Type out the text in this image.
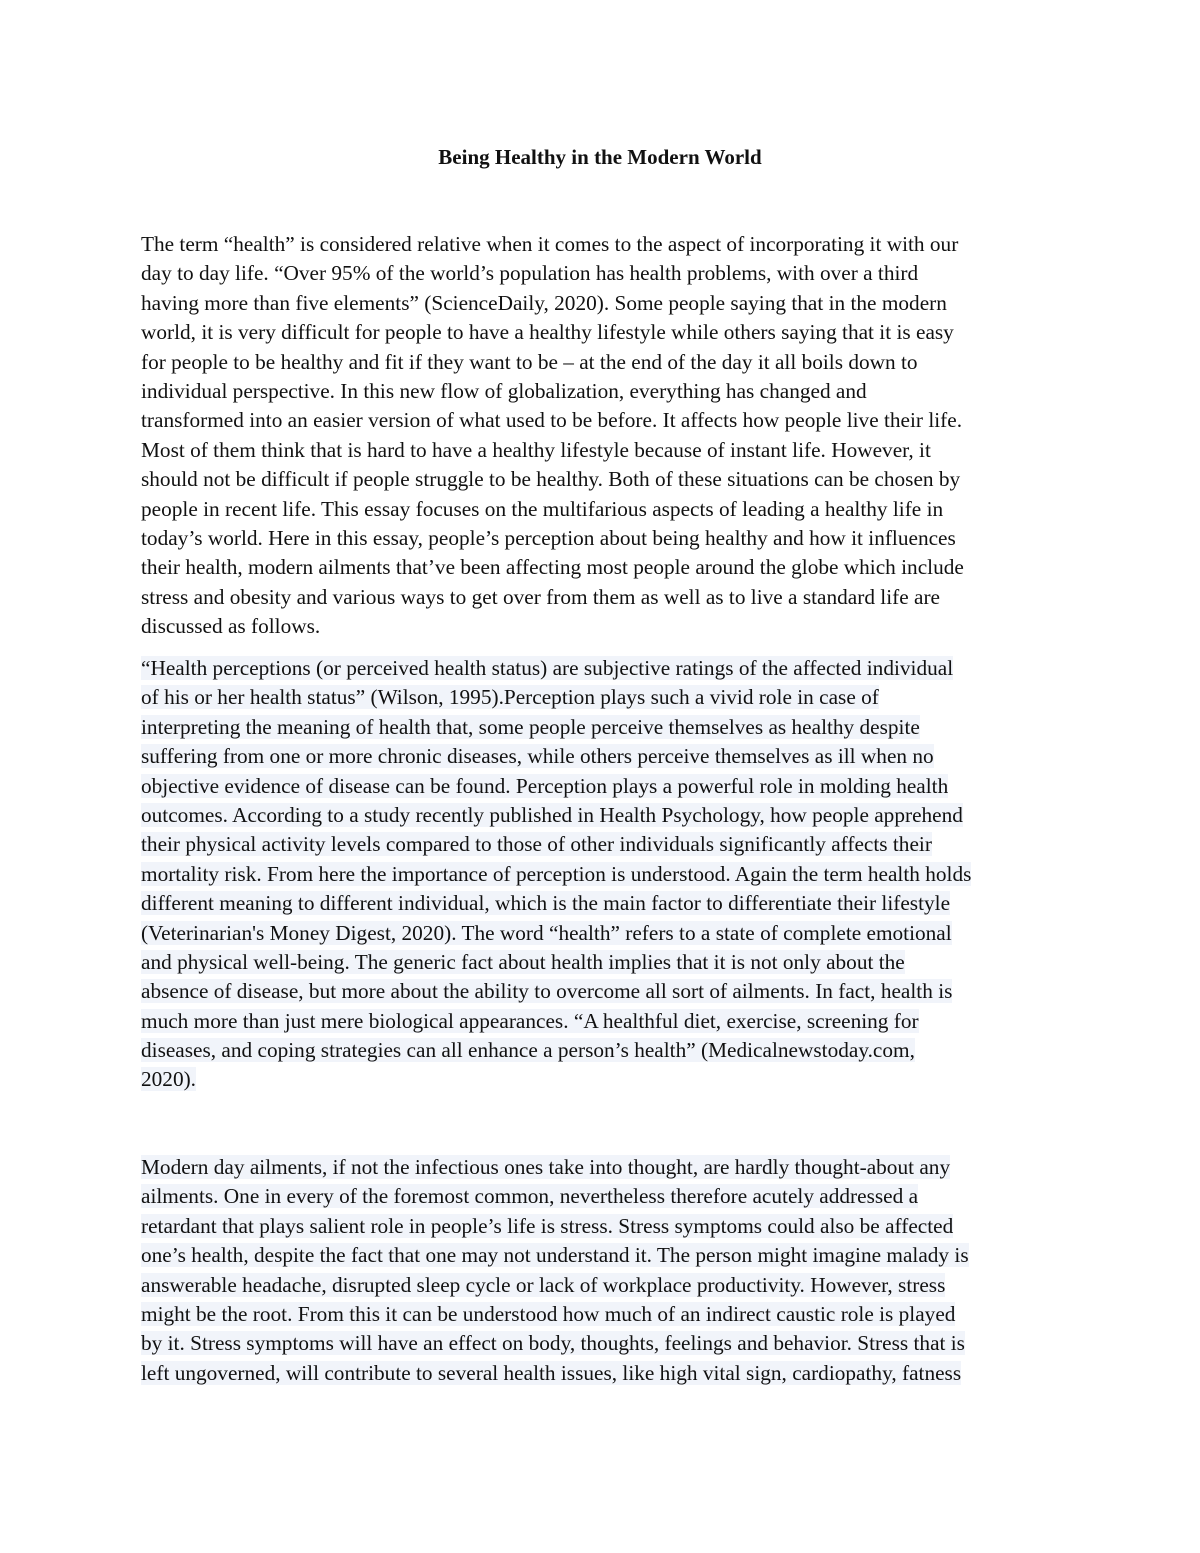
Being Healthy in the Modern World
The term “health” is considered relative when it comes to the aspect of incorporating it with our
day to day life. “Over 95% of the world’s population has health problems, with over a third
having more than five elements” (ScienceDaily, 2020). Some people saying that in the modern
world, it is very difficult for people to have a healthy lifestyle while others saying that it is easy
for people to be healthy and fit if they want to be – at the end of the day it all boils down to
individual perspective. In this new flow of globalization, everything has changed and
transformed into an easier version of what used to be before. It affects how people live their life.
Most of them think that is hard to have a healthy lifestyle because of instant life. However, it
should not be difficult if people struggle to be healthy. Both of these situations can be chosen by
people in recent life. This essay focuses on the multifarious aspects of leading a healthy life in
today’s world. Here in this essay, people’s perception about being healthy and how it influences
their health, modern ailments that’ve been affecting most people around the globe which include
stress and obesity and various ways to get over from them as well as to live a standard life are
discussed as follows.
“Health perceptions (or perceived health status) are subjective ratings of the affected individual
of his or her health status” (Wilson, 1995).Perception plays such a vivid role in case of
interpreting the meaning of health that, some people perceive themselves as healthy despite
suffering from one or more chronic diseases, while others perceive themselves as ill when no
objective evidence of disease can be found. Perception plays a powerful role in molding health
outcomes. According to a study recently published in Health Psychology, how people apprehend
their physical activity levels compared to those of other individuals significantly affects their
mortality risk. From here the importance of perception is understood. Again the term health holds
different meaning to different individual, which is the main factor to differentiate their lifestyle
(Veterinarian's Money Digest, 2020). The word “health” refers to a state of complete emotional
and physical well-being. The generic fact about health implies that it is not only about the
absence of disease, but more about the ability to overcome all sort of ailments. In fact, health is
much more than just mere biological appearances. “A healthful diet, exercise, screening for
diseases, and coping strategies can all enhance a person’s health” (Medicalnewstoday.com,
2020).
Modern day ailments, if not the infectious ones take into thought, are hardly thought-about any
ailments. One in every of the foremost common, nevertheless therefore acutely addressed a
retardant that plays salient role in people’s life is stress. Stress symptoms could also be affected
one’s health, despite the fact that one may not understand it. The person might imagine malady is
answerable headache, disrupted sleep cycle or lack of workplace productivity. However, stress
might be the root. From this it can be understood how much of an indirect caustic role is played
by it. Stress symptoms will have an effect on body, thoughts, feelings and behavior. Stress that is
left ungoverned, will contribute to several health issues, like high vital sign, cardiopathy, fatness
